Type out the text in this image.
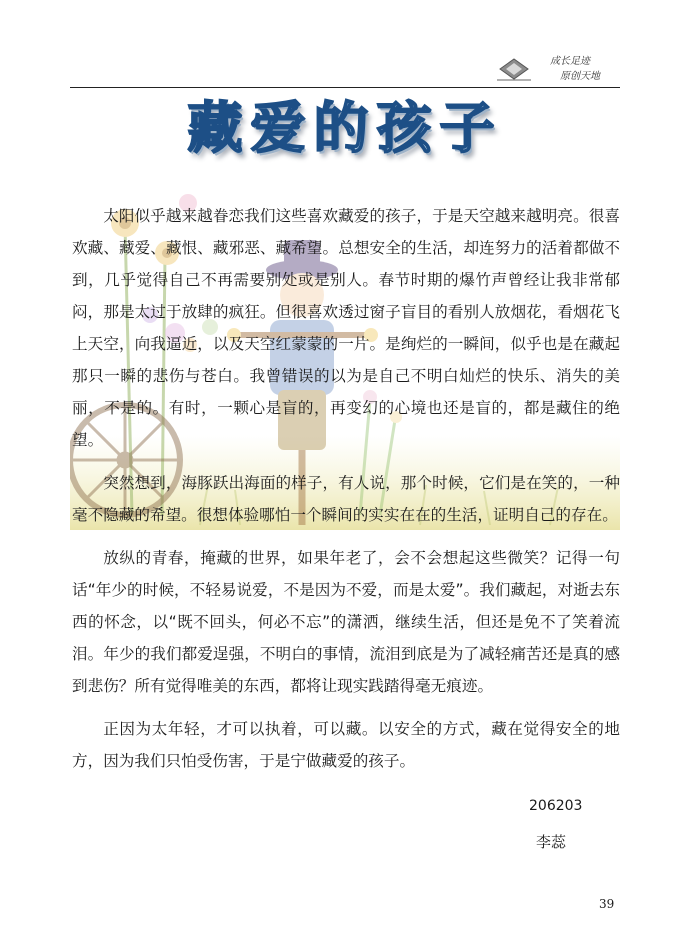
成长足迹
原创天地
藏爱的孩子

太阳似乎越来越眷恋我们这些喜欢藏爱的孩子，于是天空越来越明亮。很喜欢藏、藏爱、藏恨、藏邪恶、藏希望。总想安全的生活，却连努力的活着都做不到，几乎觉得自己不再需要别处或是别人。春节时期的爆竹声曾经让我非常郁闷，那是太过于放肆的疯狂。但很喜欢透过窗子盲目的看别人放烟花，看烟花飞上天空，向我逼近，以及天空红蒙蒙的一片。是绚烂的一瞬间，似乎也是在藏起那只一瞬的悲伤与苍白。我曾错误的以为是自己不明白灿烂的快乐、消失的美丽，不是的。有时，一颗心是盲的，再变幻的心境也还是盲的，都是藏住的绝望。

突然想到，海豚跃出海面的样子，有人说，那个时候，它们是在笑的，一种毫不隐藏的希望。很想体验哪怕一个瞬间的实实在在的生活，证明自己的存在。

放纵的青春，掩藏的世界，如果年老了，会不会想起这些微笑？记得一句话“年少的时候，不轻易说爱，不是因为不爱，而是太爱”。我们藏起，对逝去东西的怀念，以“既不回头，何必不忘”的潇洒，继续生活，但还是免不了笑着流泪。年少的我们都爱逞强，不明白的事情，流泪到底是为了减轻痛苦还是真的感到悲伤？所有觉得唯美的东西，都将让现实践踏得毫无痕迹。

正因为太年轻，才可以执着，可以藏。以安全的方式，藏在觉得安全的地方，因为我们只怕受伤害，于是宁做藏爱的孩子。

206203
李蕊
39
